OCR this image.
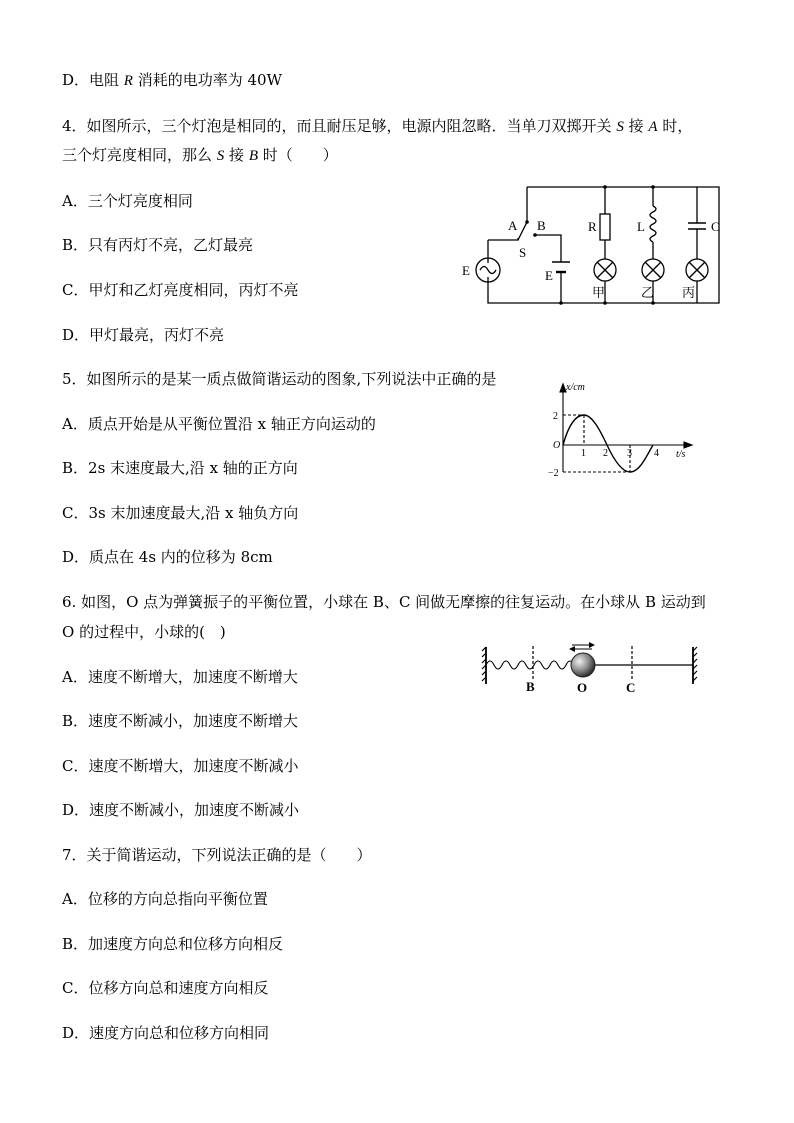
D．电阻 R 消耗的电功率为 40W
4．如图所示，三个灯泡是相同的，而且耐压足够，电源内阻忽略．当单刀双掷开关 S 接 A 时，
三个灯亮度相同，那么 S 接 B 时（　　）
A．三个灯亮度相同
B．只有丙灯不亮，乙灯最亮
C．甲灯和乙灯亮度相同，丙灯不亮
D．甲灯最亮，丙灯不亮
A B
S
E	E
R	L	C
甲	乙 丙
5．如图所示的是某一质点做简谐运动的图象,下列说法中正确的是
A．质点开始是从平衡位置沿 x 轴正方向运动的
B．2s 末速度最大,沿 x 轴的正方向
C．3s 末加速度最大,沿 x 轴负方向
D．质点在 4s 内的位移为 8cm
x/cm
t/s
O
2
−2
1 2 3 4
6. 如图，O 点为弹簧振子的平衡位置，小球在 B、C 间做无摩擦的往复运动。在小球从 B 运动到
O 的过程中，小球的(　)
A．速度不断增大，加速度不断增大
B．速度不断减小，加速度不断增大
C．速度不断增大，加速度不断减小
D．速度不断减小，加速度不断减小
B	O	C
7．关于简谐运动，下列说法正确的是（　　）
A．位移的方向总指向平衡位置
B．加速度方向总和位移方向相反
C．位移方向总和速度方向相反
D．速度方向总和位移方向相同
